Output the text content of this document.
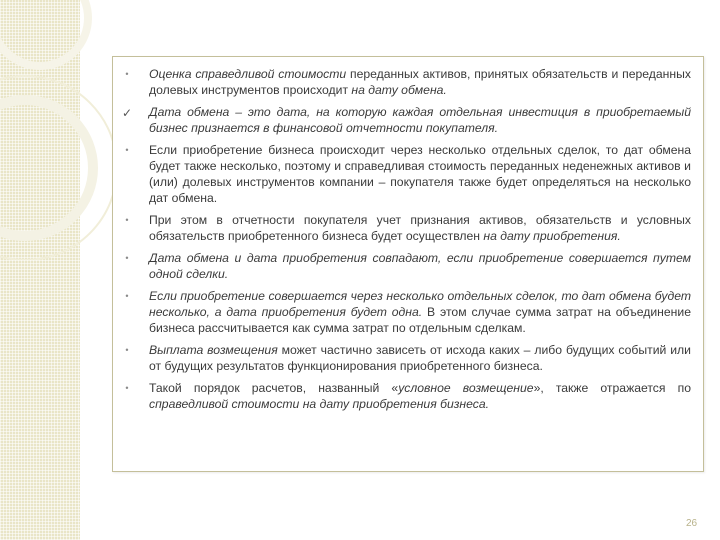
•	Оценка справедливой стоимости переданных активов, принятых обязательств и переданных долевых инструментов происходит на дату обмена.
✓ Дата обмена – это дата, на которую каждая отдельная инвестиция в приобретаемый бизнес признается в финансовой отчетности покупателя.
•	Если приобретение бизнеса происходит через несколько отдельных сделок, то дат обмена будет также несколько, поэтому и справедливая стоимость переданных неденежных активов и (или) долевых инструментов компании – покупателя также будет определяться на несколько дат обмена.
•	При этом в отчетности покупателя учет признания активов, обязательств и условных обязательств приобретенного бизнеса будет осуществлен на дату приобретения.
•	Дата обмена и дата приобретения совпадают, если приобретение совершается путем одной сделки.
•	Если приобретение совершается через несколько отдельных сделок, то дат обмена будет несколько, а дата приобретения будет одна. В этом случае сумма затрат на объединение бизнеса рассчитывается как сумма затрат по отдельным сделкам.
•	Выплата возмещения может частично зависеть от исхода каких – либо будущих событий или от будущих результатов функционирования приобретенного бизнеса.
•	Такой порядок расчетов, названный «условное возмещение», также отражается по справедливой стоимости на дату приобретения бизнеса.
26
